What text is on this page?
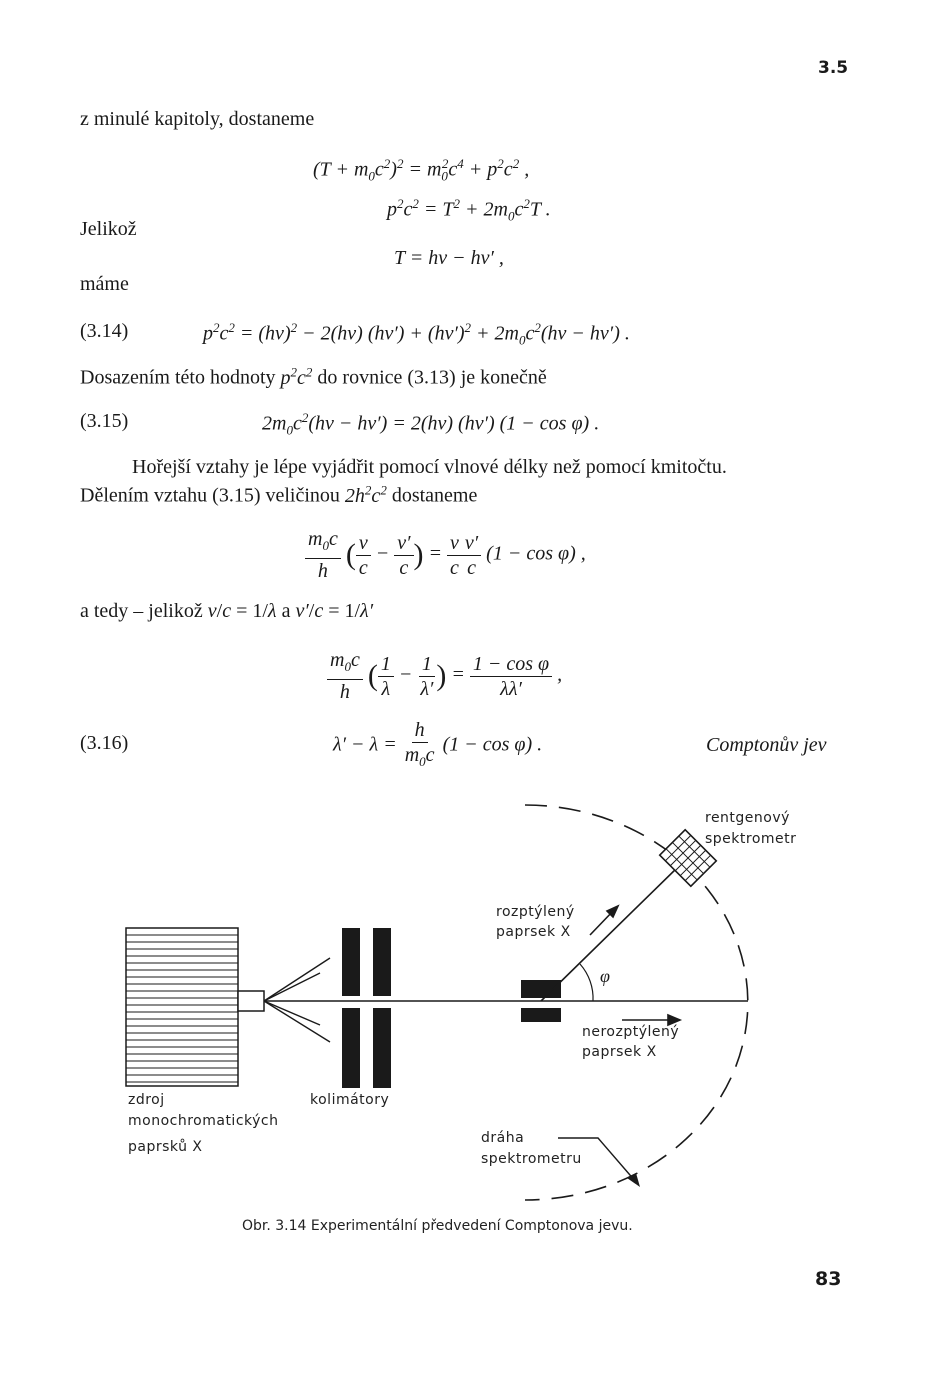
3.5
z minulé kapitoly, dostaneme
$(T + m_0c^2)^2 = m_0^2c^4 + p^2c^2$ ,
$p^2c^2 = T^2 + 2m_0c^2T$ .
Jelikož
T = hν − hν′ ,
máme
(3.14)	$p^2c^2 = (h\nu)^2 - 2(h\nu) (h\nu') + (h\nu')^2 + 2m_0c^2(h\nu - h\nu')$ .
Dosazením této hodnoty $p^2c^2$ do rovnice (3.13) je konečně
(3.15)	$2m_0c^2(h\nu - h\nu') = 2(h\nu)$ (hν′) (1 − cos φ) .
Hořejší vztahy je lépe vyjádřit pomocí vlnové délky než pomocí kmitočtu.
Dělením vztahu (3.15) veličinou $2h^2c^2$ dostaneme
$\frac{m_0c}{h}$ ( $\frac{\nu}{c} - \frac{\nu'}{c}$ ) = $\frac{\nu}{c} \frac{\nu'}{c} (1 - \cos \varphi)$ ,
a tedy – jelikož ν/c = 1/λ a ν′/c = 1/λ′
$\frac{m_0c}{h}$ ( $\frac{1}{\lambda} - \frac{1}{\lambda'}$ ) = $\frac{\text{1 − cos φ}}{\lambda\lambda'}$ ,
(3.16)	$\lambda' - \lambda = \frac{h}{m_0c} (1 - \cos \varphi)$ .	Comptonův jev
rentgenový
spektrometr
rozptýlený
paprsek X
φ
nerozptýlený
paprsek X
zdroj
monochromatických
paprsků X
kolimátory
dráha
spektrometru
Obr. 3.14 Experimentální předvedení Comptonova jevu.
83
